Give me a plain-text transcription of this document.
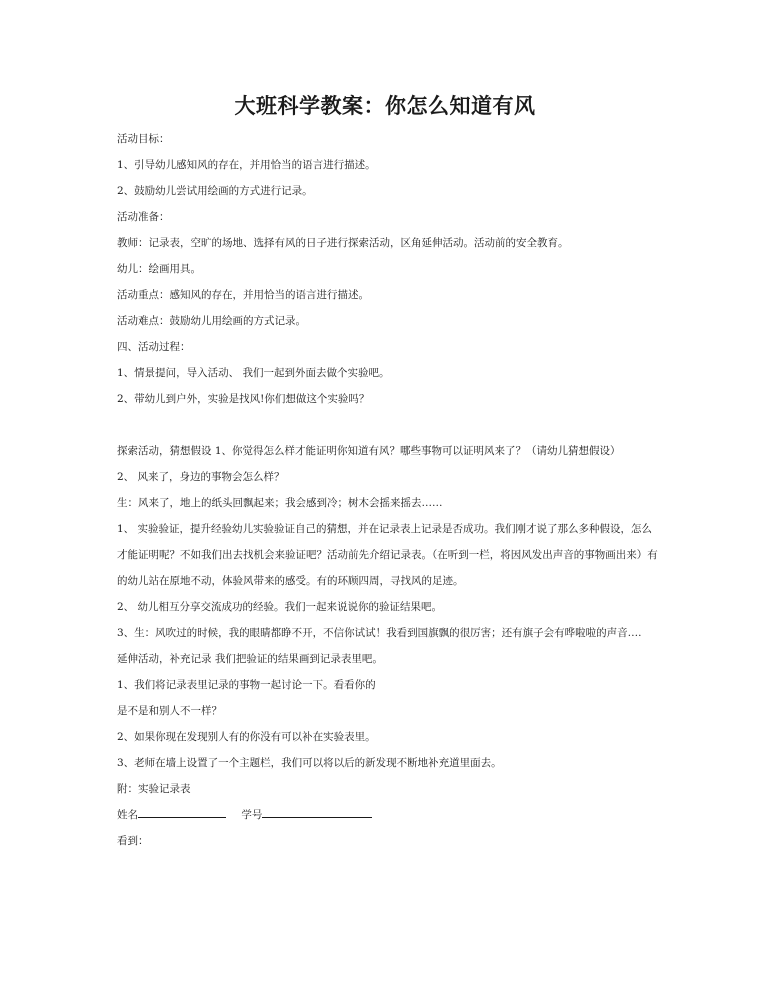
大班科学教案：你怎么知道有风

活动目标：

1、引导幼儿感知风的存在，并用恰当的语言进行描述。

2、鼓励幼儿尝试用绘画的方式进行记录。

活动准备：

教师：记录表，空旷的场地、选择有风的日子进行探索活动，区角延伸活动。活动前的安全教育。

幼儿：绘画用具。

活动重点：感知风的存在，并用恰当的语言进行描述。

活动难点：鼓励幼儿用绘画的方式记录。

四、活动过程：

1、情景提问，导入活动、 我们一起到外面去做个实验吧。

2、带幼儿到户外，实验是找风!你们想做这个实验吗？

探索活动，猜想假设 1、你觉得怎么样才能证明你知道有风？哪些事物可以证明风来了？（请幼儿猜想假设）

2、 风来了，身边的事物会怎么样？

生：风来了，地上的纸头回飘起来；我会感到冷；树木会摇来摇去……

1、 实验验证，提升经验幼儿实验验证自己的猜想，并在记录表上记录是否成功。我们刚才说了那么多种假设，怎么才能证明呢？不如我们出去找机会来验证吧？活动前先介绍记录表。（在听到一栏，将因风发出声音的事物画出来）有的幼儿站在原地不动，体验风带来的感受。有的环顾四周，寻找风的足迹。

2、 幼儿相互分享交流成功的经验。我们一起来说说你的验证结果吧。

3、生：风吹过的时候，我的眼睛都睁不开，不信你试试！我看到国旗飘的很厉害；还有旗子会有哗啦啦的声音….

延伸活动，补充记录 我们把验证的结果画到记录表里吧。

1、我们将记录表里记录的事物一起讨论一下。看看你的

是不是和别人不一样？

2、如果你现在发现别人有的你没有可以补在实验表里。

3、老师在墙上设置了一个主题栏，我们可以将以后的新发现不断地补充道里面去。

附：实验记录表

姓名	学号

看到：
